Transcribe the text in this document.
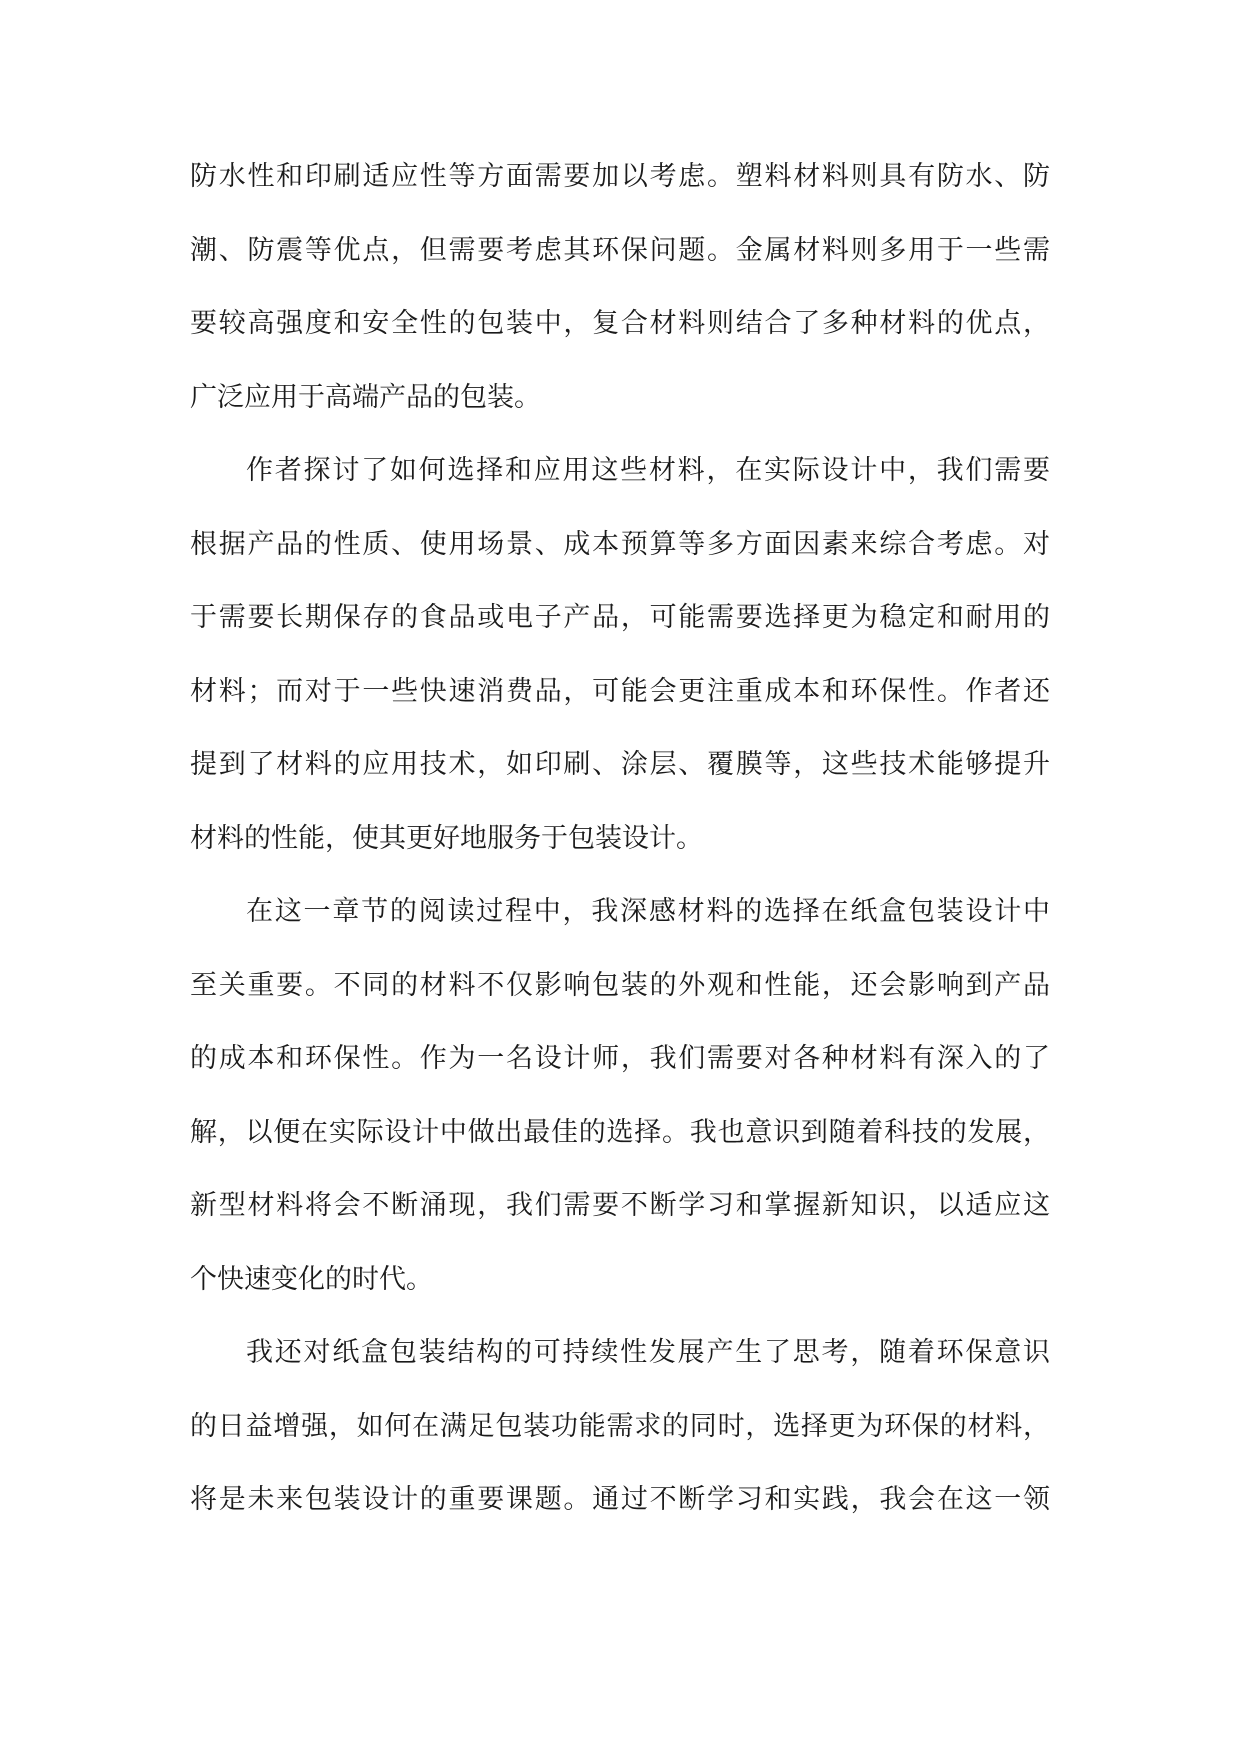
防水性和印刷适应性等方面需要加以考虑。塑料材料则具有防水、防
潮、防震等优点，但需要考虑其环保问题。金属材料则多用于一些需
要较高强度和安全性的包装中，复合材料则结合了多种材料的优点，
广泛应用于高端产品的包装。
作者探讨了如何选择和应用这些材料，在实际设计中，我们需要
根据产品的性质、使用场景、成本预算等多方面因素来综合考虑。对
于需要长期保存的食品或电子产品，可能需要选择更为稳定和耐用的
材料；而对于一些快速消费品，可能会更注重成本和环保性。作者还
提到了材料的应用技术，如印刷、涂层、覆膜等，这些技术能够提升
材料的性能，使其更好地服务于包装设计。
在这一章节的阅读过程中，我深感材料的选择在纸盒包装设计中
至关重要。不同的材料不仅影响包装的外观和性能，还会影响到产品
的成本和环保性。作为一名设计师，我们需要对各种材料有深入的了
解，以便在实际设计中做出最佳的选择。我也意识到随着科技的发展，
新型材料将会不断涌现，我们需要不断学习和掌握新知识，以适应这
个快速变化的时代。
我还对纸盒包装结构的可持续性发展产生了思考，随着环保意识
的日益增强，如何在满足包装功能需求的同时，选择更为环保的材料，
将是未来包装设计的重要课题。通过不断学习和实践，我会在这一领
